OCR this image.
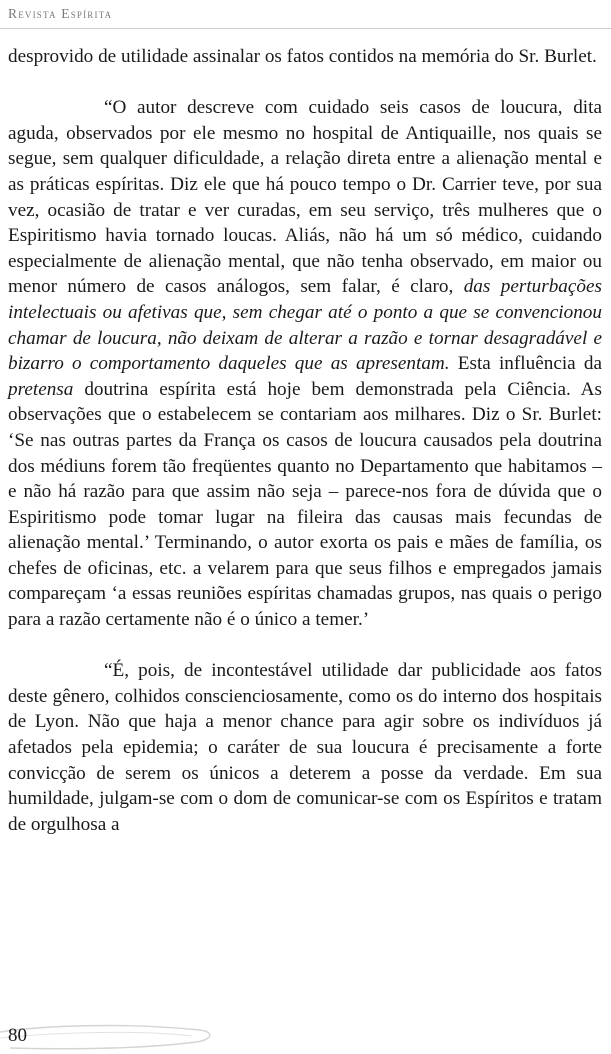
Revista Espírita

desprovido de utilidade assinalar os fatos contidos na memória do Sr. Burlet.

“O autor descreve com cuidado seis casos de loucura, dita aguda, observados por ele mesmo no hospital de Antiquaille, nos quais se segue, sem qualquer dificuldade, a relação direta entre a alienação mental e as práticas espíritas. Diz ele que há pouco tempo o Dr. Carrier teve, por sua vez, ocasião de tratar e ver curadas, em seu serviço, três mulheres que o Espiritismo havia tornado loucas. Aliás, não há um só médico, cuidando especialmente de alienação mental, que não tenha observado, em maior ou menor número de casos análogos, sem falar, é claro, das perturbações intelectuais ou afetivas que, sem chegar até o ponto a que se convencionou chamar de loucura, não deixam de alterar a razão e tornar desagradável e bizarro o comportamento daqueles que as apresentam. Esta influência da pretensa doutrina espírita está hoje bem demonstrada pela Ciência. As observações que o estabelecem se contariam aos milhares. Diz o Sr. Burlet: ‘Se nas outras partes da França os casos de loucura causados pela doutrina dos médiuns forem tão freqüentes quanto no Departamento que habitamos – e não há razão para que assim não seja – parece-nos fora de dúvida que o Espiritismo pode tomar lugar na fileira das causas mais fecundas de alienação mental.’ Terminando, o autor exorta os pais e mães de família, os chefes de oficinas, etc. a velarem para que seus filhos e empregados jamais compareçam ‘a essas reuniões espíritas chamadas grupos, nas quais o perigo para a razão certamente não é o único a temer.’

“É, pois, de incontestável utilidade dar publicidade aos fatos deste gênero, colhidos conscienciosamente, como os do interno dos hospitais de Lyon. Não que haja a menor chance para agir sobre os indivíduos já afetados pela epidemia; o caráter de sua loucura é precisamente a forte convicção de serem os únicos a deterem a posse da verdade. Em sua humildade, julgam-se com o dom de comunicar-se com os Espíritos e tratam de orgulhosa a

80
